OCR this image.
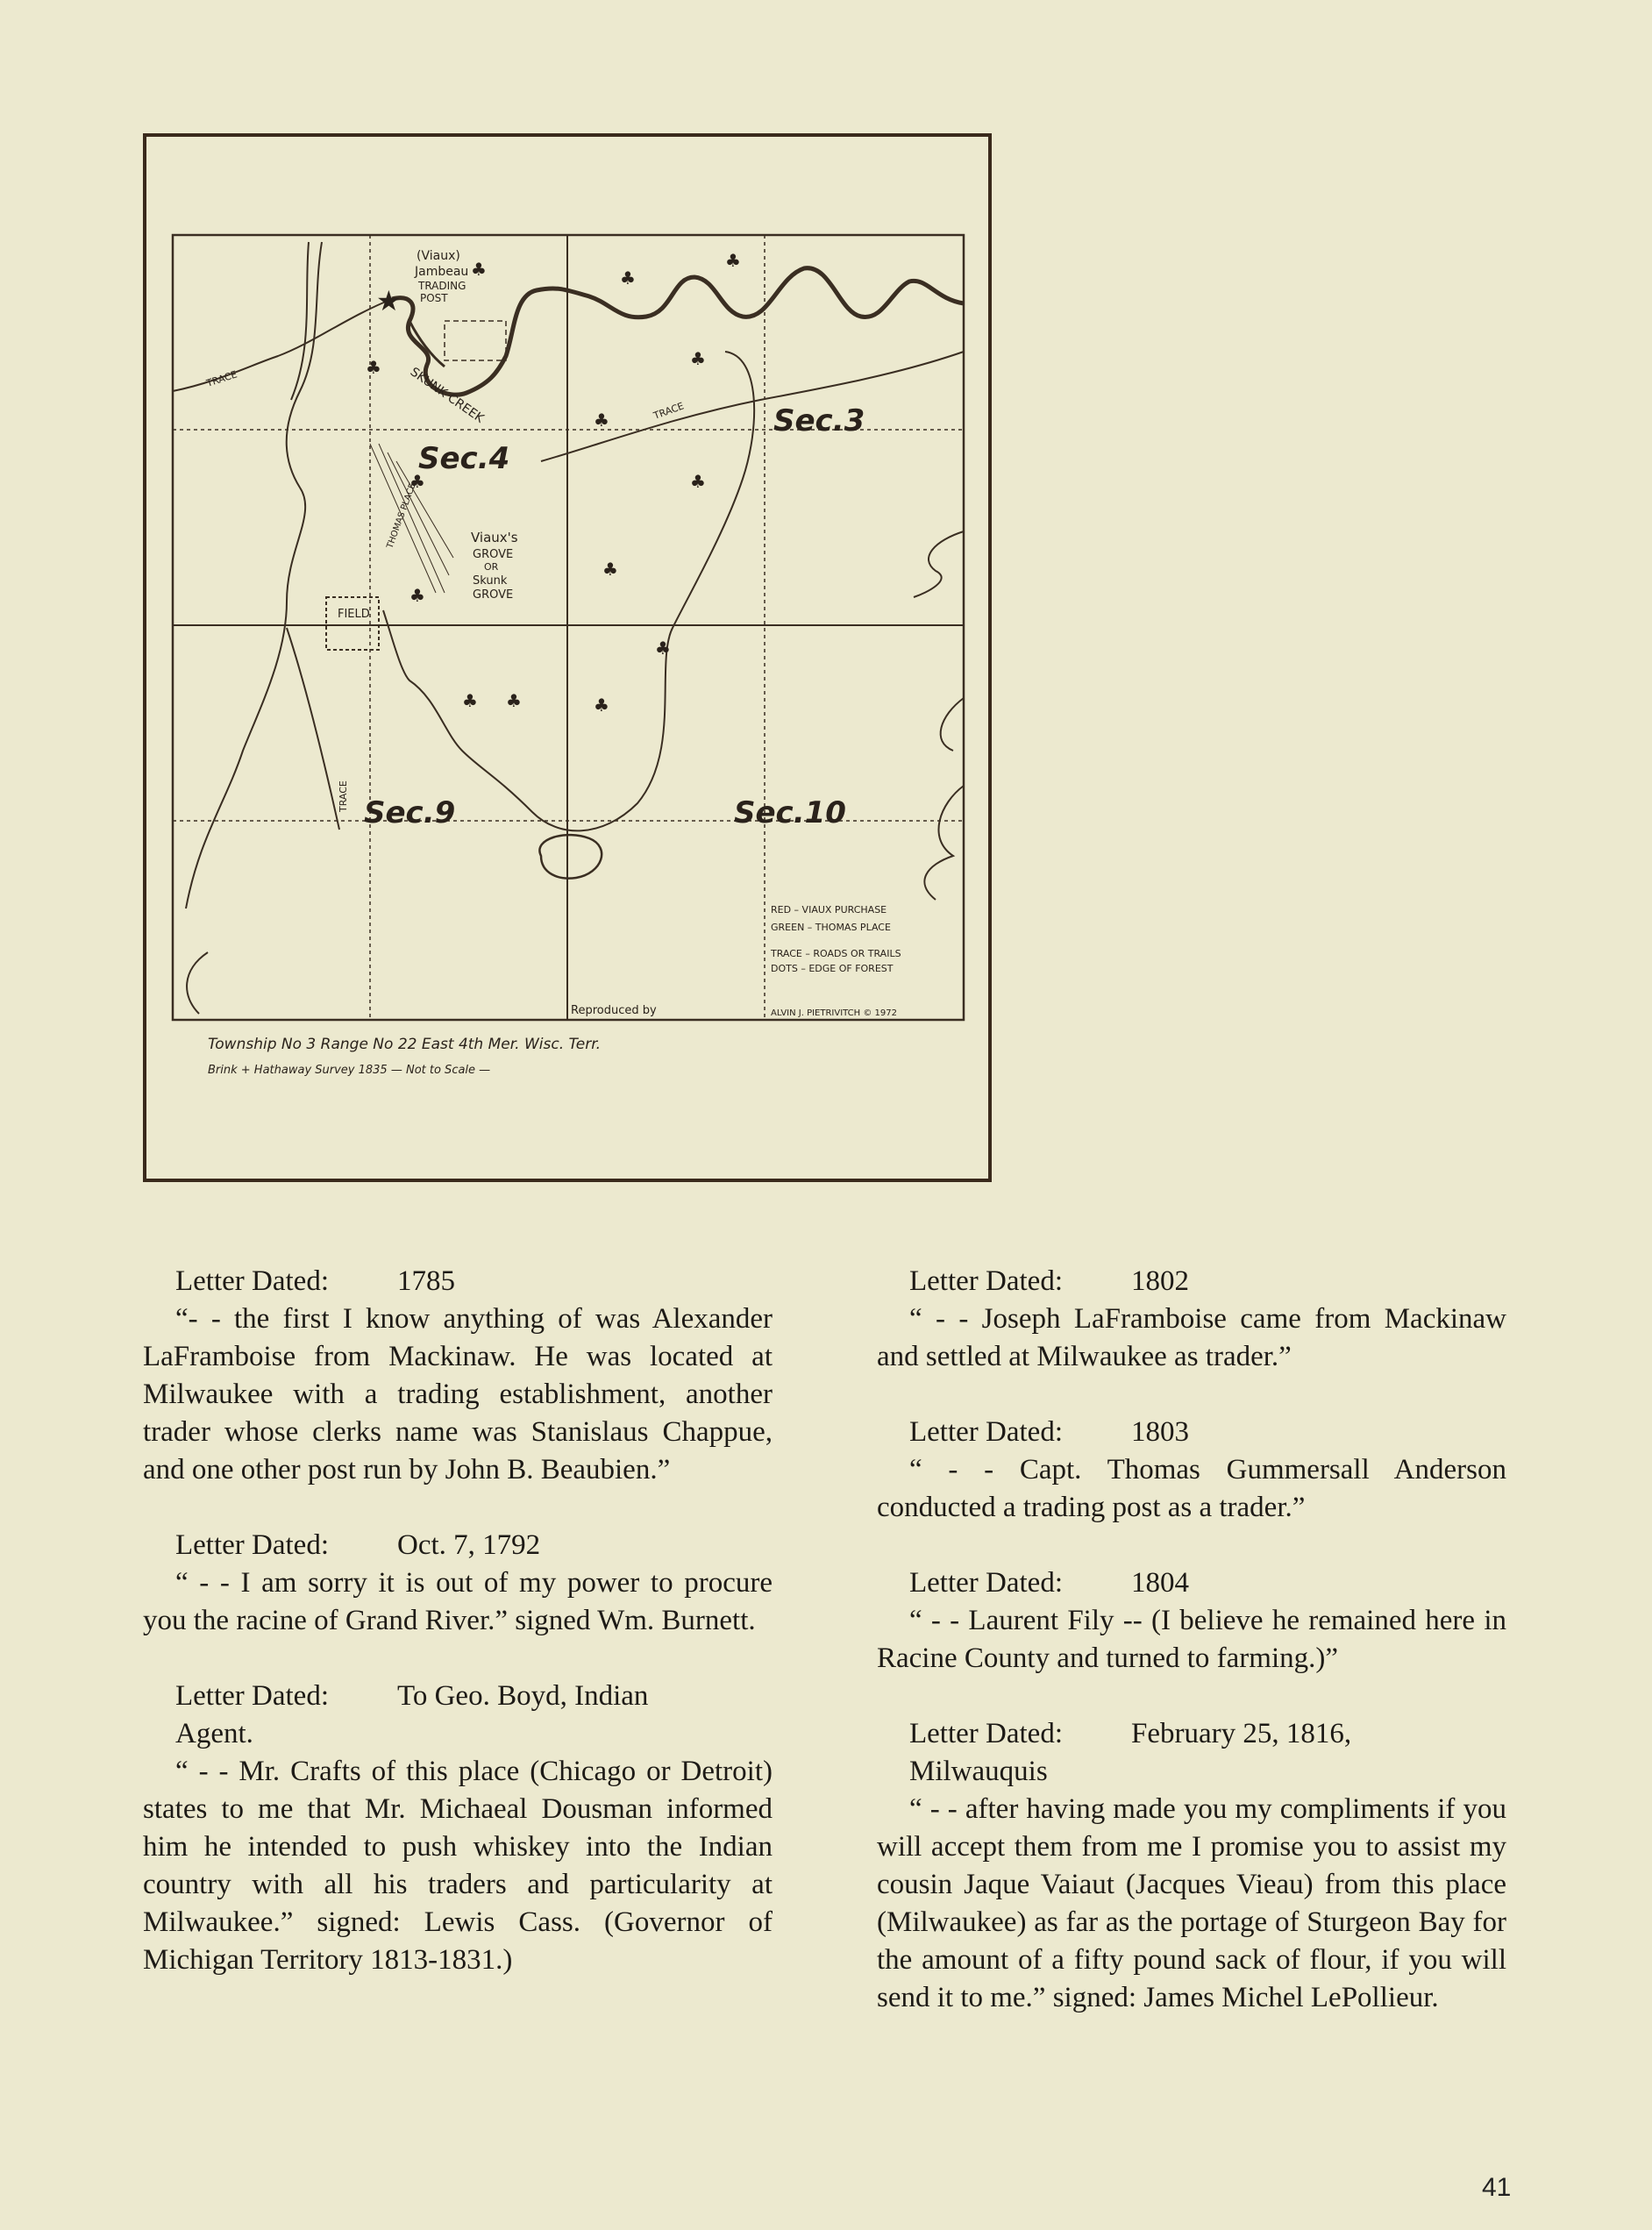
★
♣	♣
♣
♣
♣
♣
♣
♣
♣
♣
♣
♣	♣
♣
(Viaux)
Jambeau
TRADING
POST
SKUNK CREEK
TRACE
TRACE
TRACE
Sec.3
Sec.4
Sec.9	Sec.10
Viaux's
GROVE
OR
Skunk
GROVE
THOMAS PLACE
FIELD
RED – VIAUX PURCHASE
GREEN – THOMAS PLACE
TRACE – ROADS OR TRAILS
DOTS – EDGE OF FOREST
Reproduced by	ALVIN J. PIETRIVITCH © 1972
Township No 3 Range No 22 East 4th Mer. Wisc. Terr.
Brink + Hathaway Survey 1835 — Not to Scale —
Letter Dated: 1785
“- - the first I know anything of was Alexander LaFramboise from Mackinaw. He was located at Milwaukee with a trading establishment, another trader whose clerks name was Stanislaus Chappue, and one other post run by John B. Beaubien.”
Letter Dated: Oct. 7, 1792
“ - - I am sorry it is out of my power to procure you the racine of Grand River.” signed Wm. Burnett.
Letter Dated: To Geo. Boyd, Indian
Agent.
“ - - Mr. Crafts of this place (Chicago or Detroit) states to me that Mr. Michaeal Dousman informed him he intended to push whiskey into the Indian country with all his traders and particularity at Milwaukee.” signed: Lewis Cass. (Governor of Michigan Territory 1813-1831.)
Letter Dated: 1802
“ - - Joseph LaFramboise came from Mackinaw and settled at Milwaukee as trader.”
Letter Dated: 1803
“ - - Capt. Thomas Gummersall Anderson conducted a trading post as a trader.”
Letter Dated: 1804
“ - - Laurent Fily -- (I believe he remained here in Racine County and turned to farming.)”
Letter Dated: February 25, 1816,
Milwauquis
“ - - after having made you my compliments if you will accept them from me I promise you to assist my cousin Jaque Vaiaut (Jacques Vieau) from this place (Milwaukee) as far as the portage of Sturgeon Bay for the amount of a fifty pound sack of flour, if you will send it to me.” signed: James Michel LePollieur.
41
